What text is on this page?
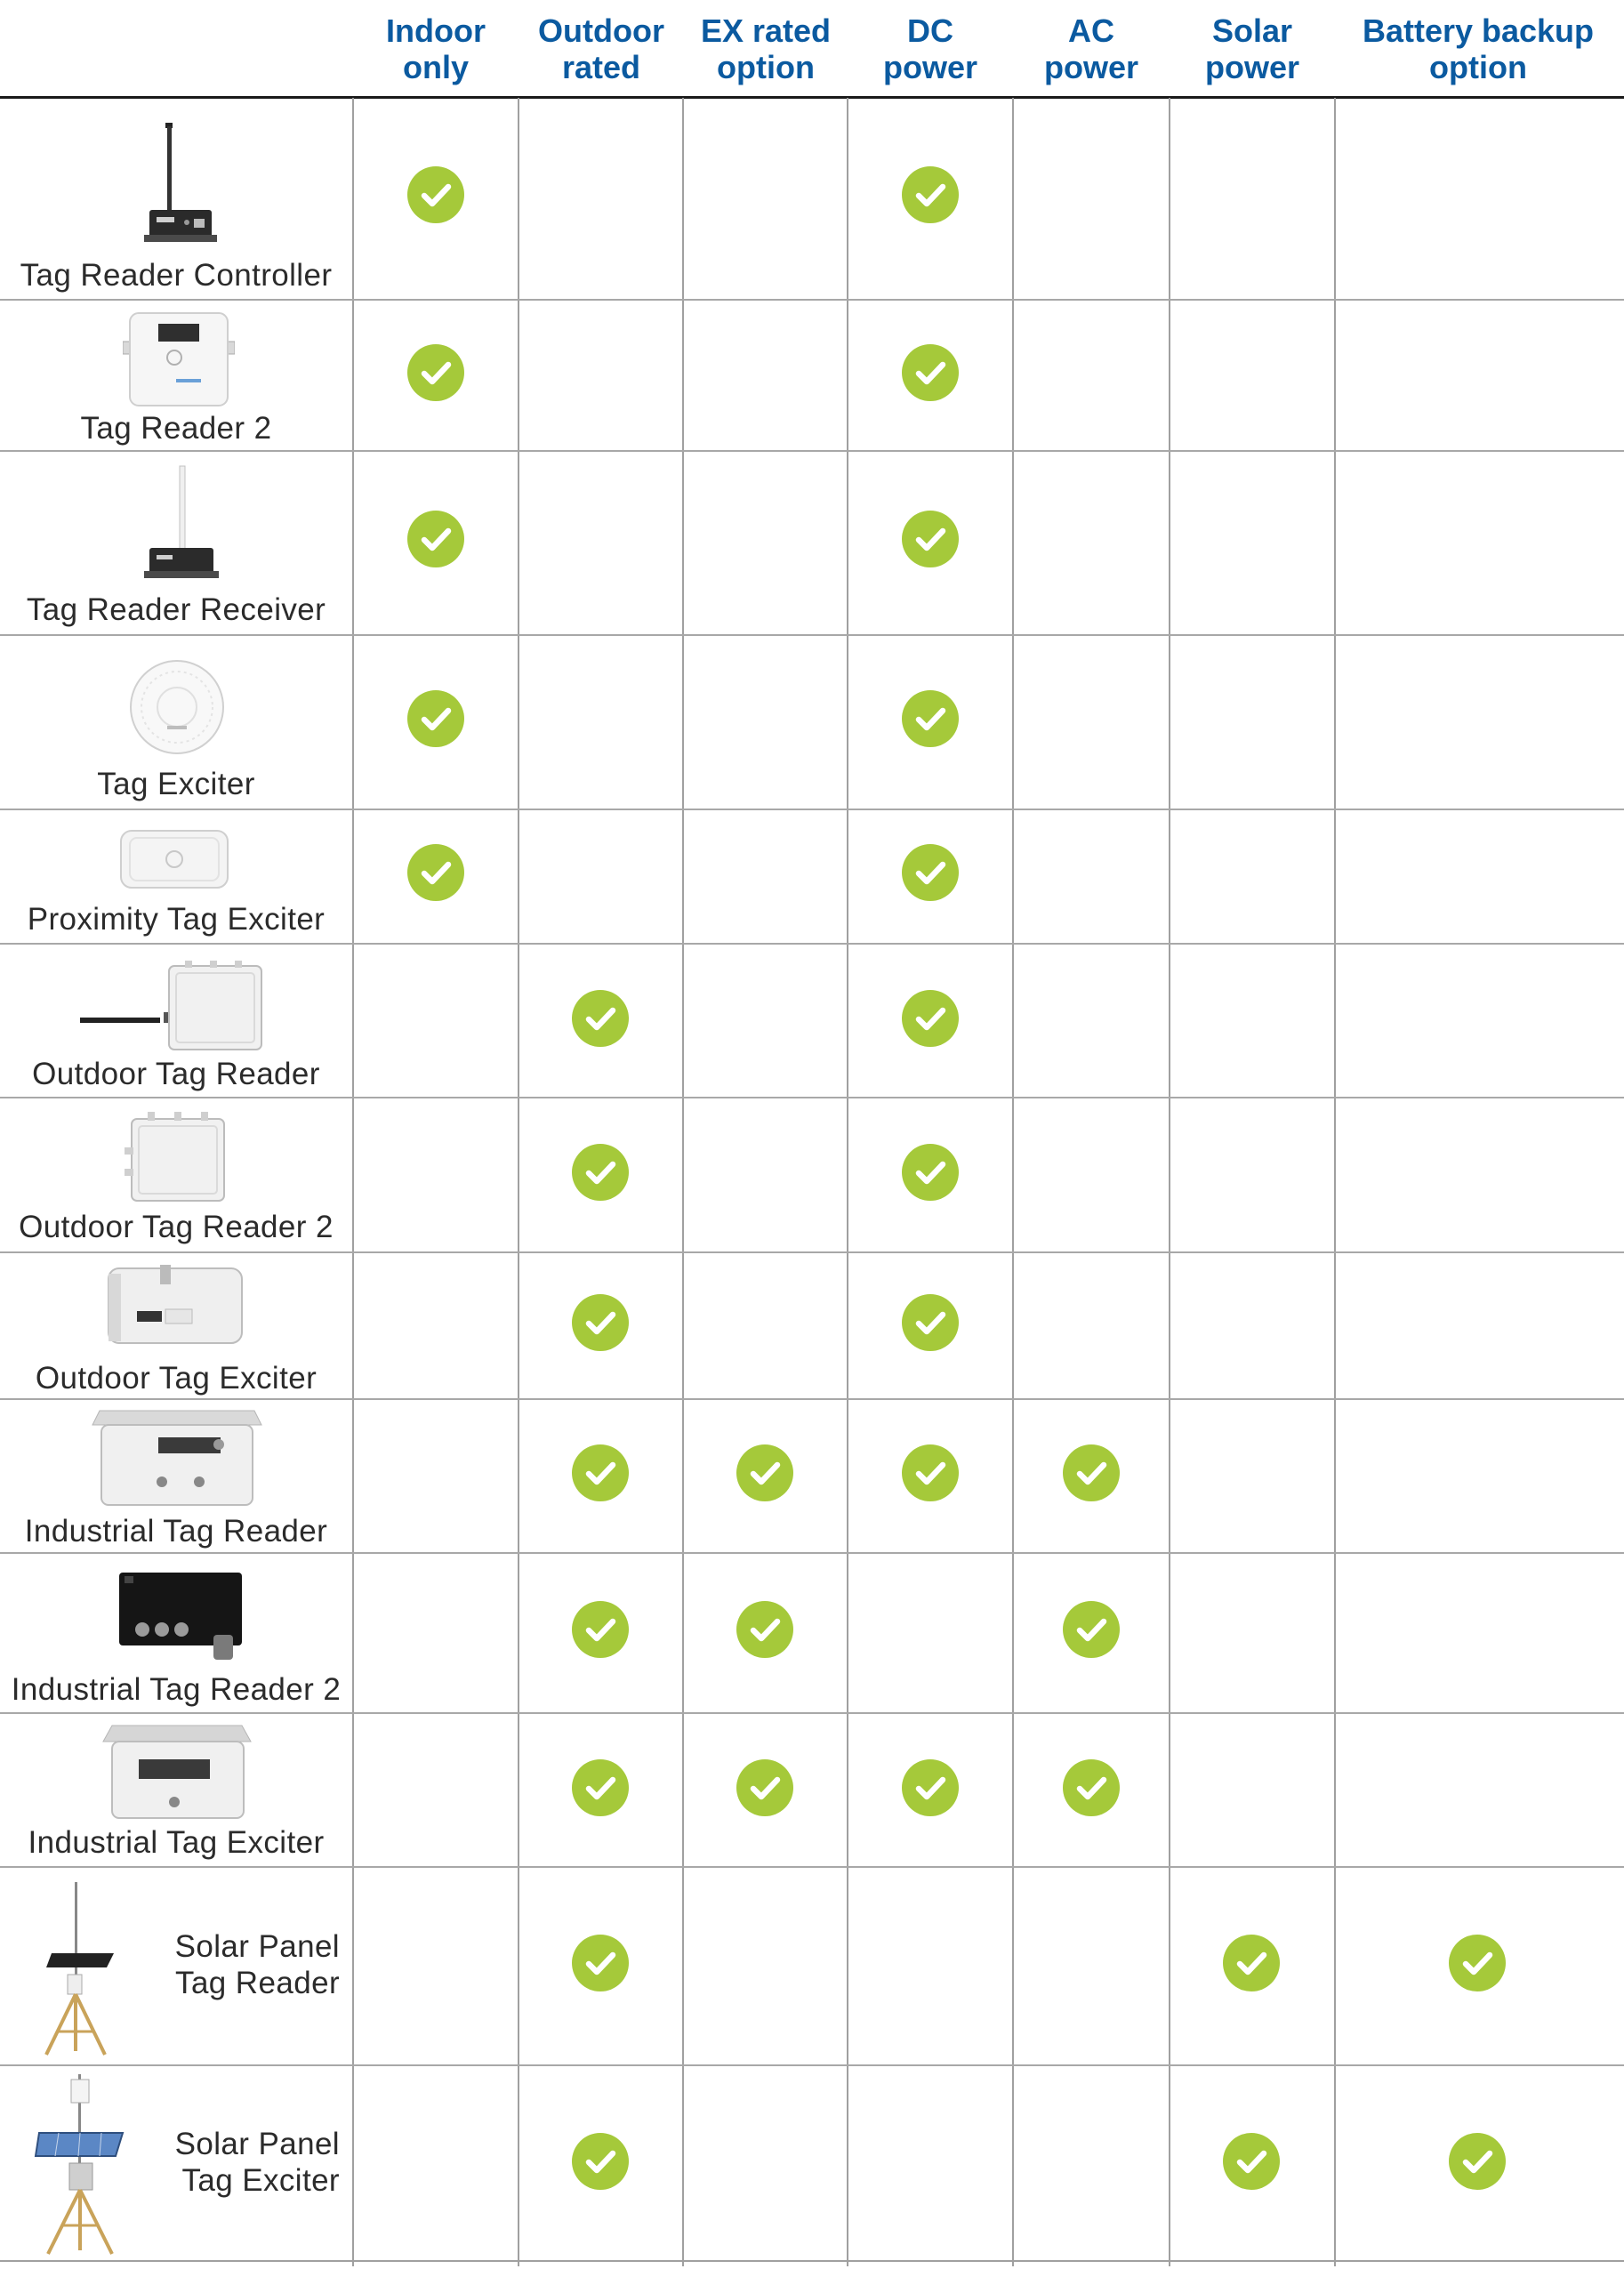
Indoor
only
Outdoor
rated
EX rated
option
DC
power
AC
power
Solar
power
Battery backup
option
Tag Reader Controller
Tag Reader 2
Tag Reader Receiver
Tag Exciter
Proximity Tag Exciter
Outdoor Tag Reader
Outdoor Tag Reader 2
Outdoor Tag Exciter
Industrial Tag Reader
Industrial Tag Reader 2
Industrial Tag Exciter
Solar Panel
Tag Reader
Solar Panel
Tag Exciter
